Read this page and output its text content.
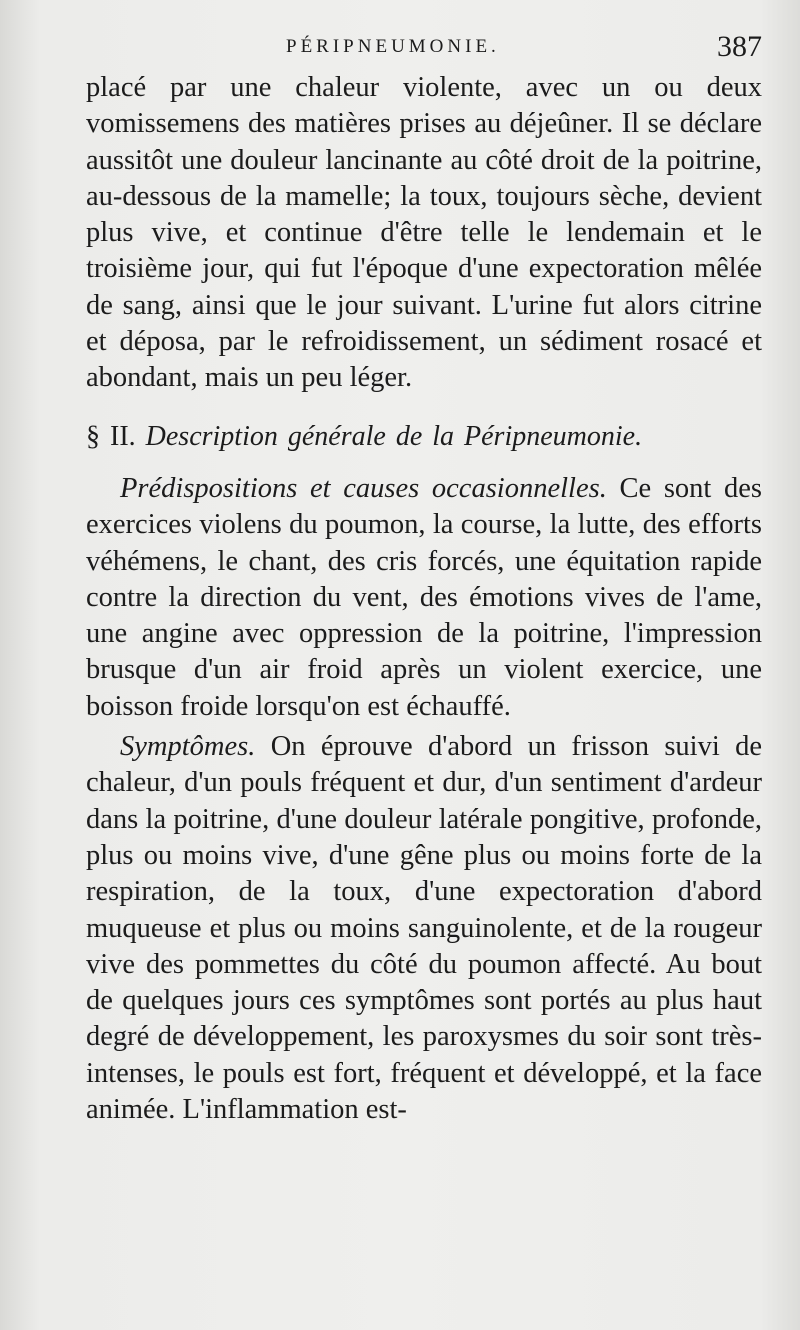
PÉRIPNEUMONIE.	387

placé par une chaleur violente, avec un ou deux vomissemens des matières prises au déjeûner. Il se déclare aussitôt une douleur lancinante au côté droit de la poitrine, au-dessous de la mamelle; la toux, toujours sèche, devient plus vive, et continue d'être telle le lendemain et le troisième jour, qui fut l'époque d'une expectoration mêlée de sang, ainsi que le jour suivant. L'urine fut alors citrine et déposa, par le refroidissement, un sédiment rosacé et abondant, mais un peu léger.

§ II. Description générale de la Péripneumonie.

Prédispositions et causes occasionnelles. Ce sont des exercices violens du poumon, la course, la lutte, des efforts véhémens, le chant, des cris forcés, une équitation rapide contre la direction du vent, des émotions vives de l'ame, une angine avec oppression de la poitrine, l'impression brusque d'un air froid après un violent exercice, une boisson froide lorsqu'on est échauffé.

Symptômes. On éprouve d'abord un frisson suivi de chaleur, d'un pouls fréquent et dur, d'un sentiment d'ardeur dans la poitrine, d'une douleur latérale pongitive, profonde, plus ou moins vive, d'une gêne plus ou moins forte de la respiration, de la toux, d'une expectoration d'abord muqueuse et plus ou moins sanguinolente, et de la rougeur vive des pommettes du côté du poumon affecté. Au bout de quelques jours ces symptômes sont portés au plus haut degré de développement, les paroxysmes du soir sont très-intenses, le pouls est fort, fréquent et développé, et la face animée. L'inflammation est-
